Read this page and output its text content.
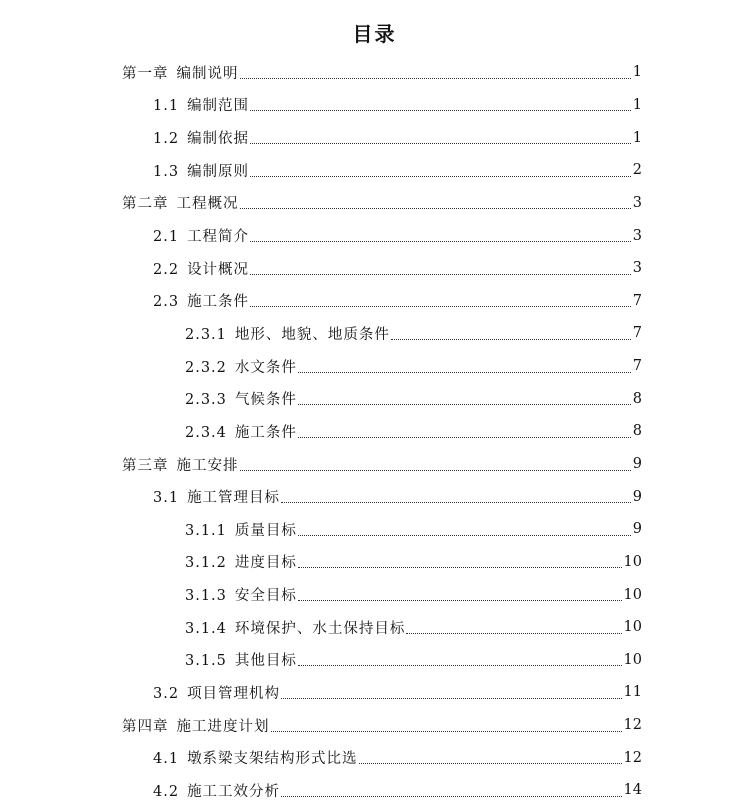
目录
第一章 编制说明	1
1.1 编制范围	1
1.2 编制依据	1
1.3 编制原则	2
第二章 工程概况	3
2.1 工程简介	3
2.2 设计概况	3
2.3 施工条件	7
2.3.1 地形、地貌、地质条件	7
2.3.2 水文条件	7
2.3.3 气候条件	8
2.3.4 施工条件	8
第三章 施工安排	9
3.1 施工管理目标	9
3.1.1 质量目标	9
3.1.2 进度目标	10
3.1.3 安全目标	10
3.1.4 环境保护、水土保持目标	10
3.1.5 其他目标	10
3.2 项目管理机构	11
第四章 施工进度计划	12
4.1 墩系梁支架结构形式比选	12
4.2 施工工效分析	14
